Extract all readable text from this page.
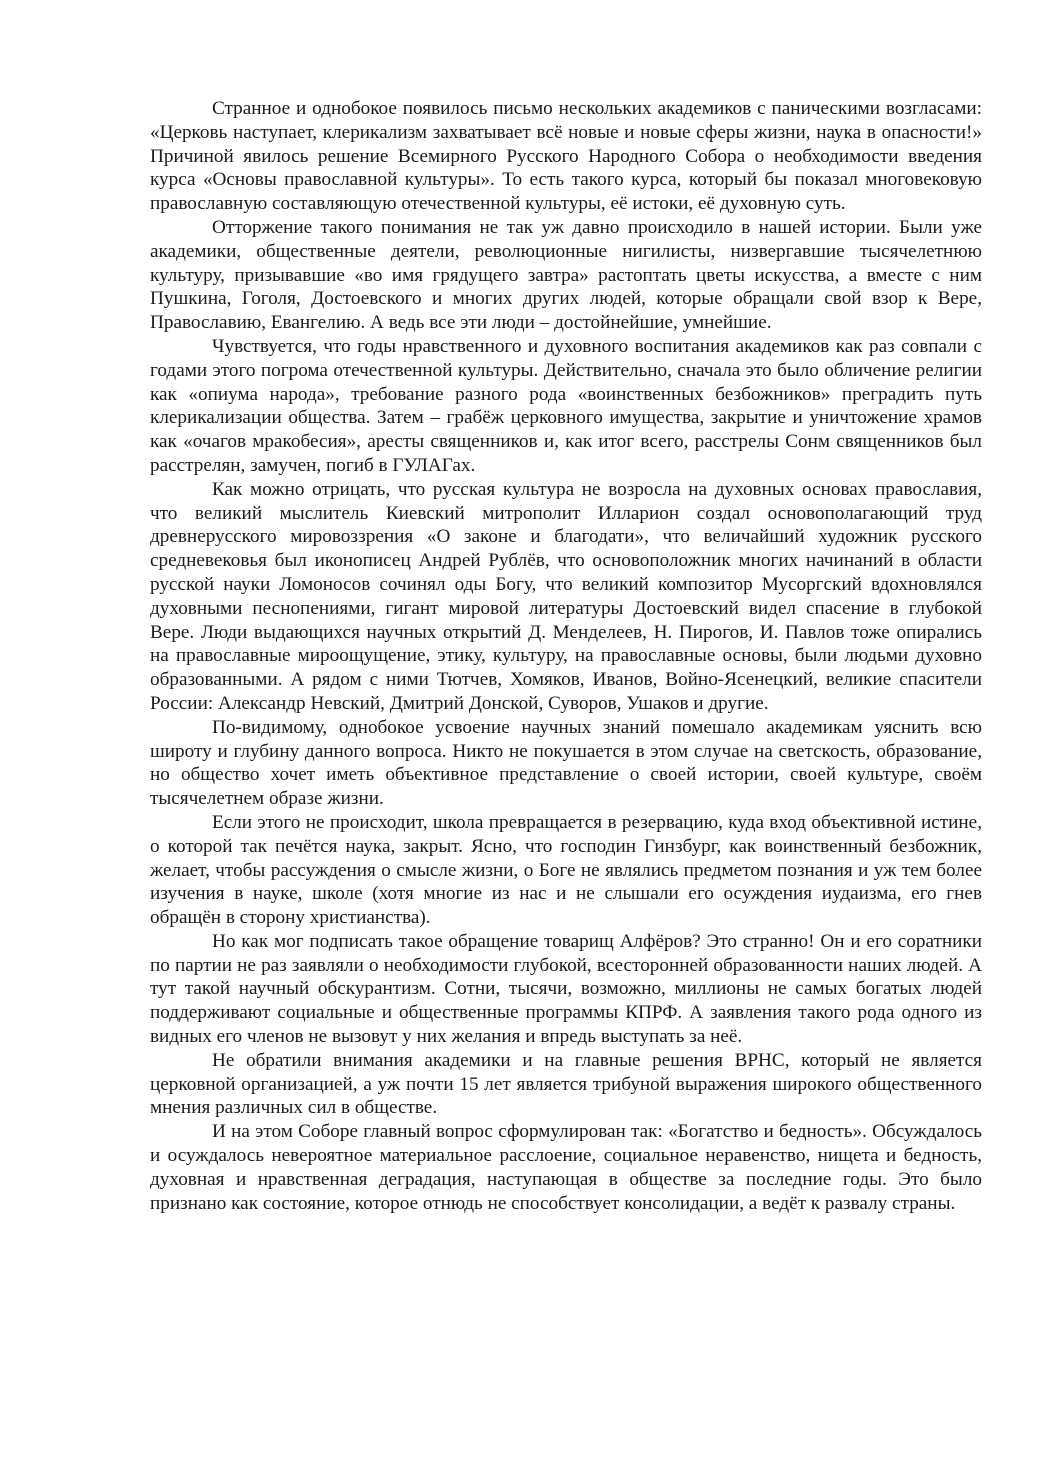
Странное и однобокое появилось письмо нескольких академиков с паническими возгласами: «Церковь наступает, клерикализм захватывает всё новые и новые сферы жизни, наука в опасности!» Причиной явилось решение Всемирного Русского Народного Собора о необходимости введения курса «Основы православной культуры». То есть такого курса, который бы показал многовековую православную составляющую отечественной культуры, её истоки, её духовную суть.

Отторжение такого понимания не так уж давно происходило в нашей истории. Были уже академики, общественные деятели, революционные нигилисты, низвергавшие тысячелетнюю культуру, призывавшие «во имя грядущего завтра» растоптать цветы искусства, а вместе с ним Пушкина, Гоголя, Достоевского и многих других людей, которые обращали свой взор к Вере, Православию, Евангелию. А ведь все эти люди – достойнейшие, умнейшие.

Чувствуется, что годы нравственного и духовного воспитания академиков как раз совпали с годами этого погрома отечественной культуры. Действительно, сначала это было обличение религии как «опиума народа», требование разного рода «воинственных безбожников» преградить путь клерикализации общества. Затем – грабёж церковного имущества, закрытие и уничтожение храмов как «очагов мракобесия», аресты священников и, как итог всего, расстрелы Сонм священников был расстрелян, замучен, погиб в ГУЛАГах.

Как можно отрицать, что русская культура не возросла на духовных основах православия, что великий мыслитель Киевский митрополит Илларион создал основополагающий труд древнерусского мировоззрения «О законе и благодати», что величайший художник русского средневековья был иконописец Андрей Рублёв, что основоположник многих начинаний в области русской науки Ломоносов сочинял оды Богу, что великий композитор Мусоргский вдохновлялся духовными песнопениями, гигант мировой литературы Достоевский видел спасение в глубокой Вере. Люди выдающихся научных открытий Д. Менделеев, Н. Пирогов, И. Павлов тоже опирались на православные мироощущение, этику, культуру, на православные основы, были людьми духовно образованными. А рядом с ними Тютчев, Хомяков, Иванов, Войно-Ясенецкий, великие спасители России: Александр Невский, Дмитрий Донской, Суворов, Ушаков и другие.

По-видимому, однобокое усвоение научных знаний помешало академикам уяснить всю широту и глубину данного вопроса. Никто не покушается в этом случае на светскость, образование, но общество хочет иметь объективное представление о своей истории, своей культуре, своём тысячелетнем образе жизни.

Если этого не происходит, школа превращается в резервацию, куда вход объективной истине, о которой так печётся наука, закрыт. Ясно, что господин Гинзбург, как воинственный безбожник, желает, чтобы рассуждения о смысле жизни, о Боге не являлись предметом познания и уж тем более изучения в науке, школе (хотя многие из нас и не слышали его осуждения иудаизма, его гнев обращён в сторону христианства).

Но как мог подписать такое обращение товарищ Алфёров? Это странно! Он и его соратники по партии не раз заявляли о необходимости глубокой, всесторонней образованности наших людей. А тут такой научный обскурантизм. Сотни, тысячи, возможно, миллионы не самых богатых людей поддерживают социальные и общественные программы КПРФ. А заявления такого рода одного из видных его членов не вызовут у них желания и впредь выступать за неё.

Не обратили внимания академики и на главные решения ВРНС, который не является церковной организацией, а уж почти 15 лет является трибуной выражения широкого общественного мнения различных сил в обществе.

И на этом Соборе главный вопрос сформулирован так: «Богатство и бедность». Обсуждалось и осуждалось невероятное материальное расслоение, социальное неравенство, нищета и бедность, духовная и нравственная деградация, наступающая в обществе за последние годы. Это было признано как состояние, которое отнюдь не способствует консолидации, а ведёт к развалу страны.
